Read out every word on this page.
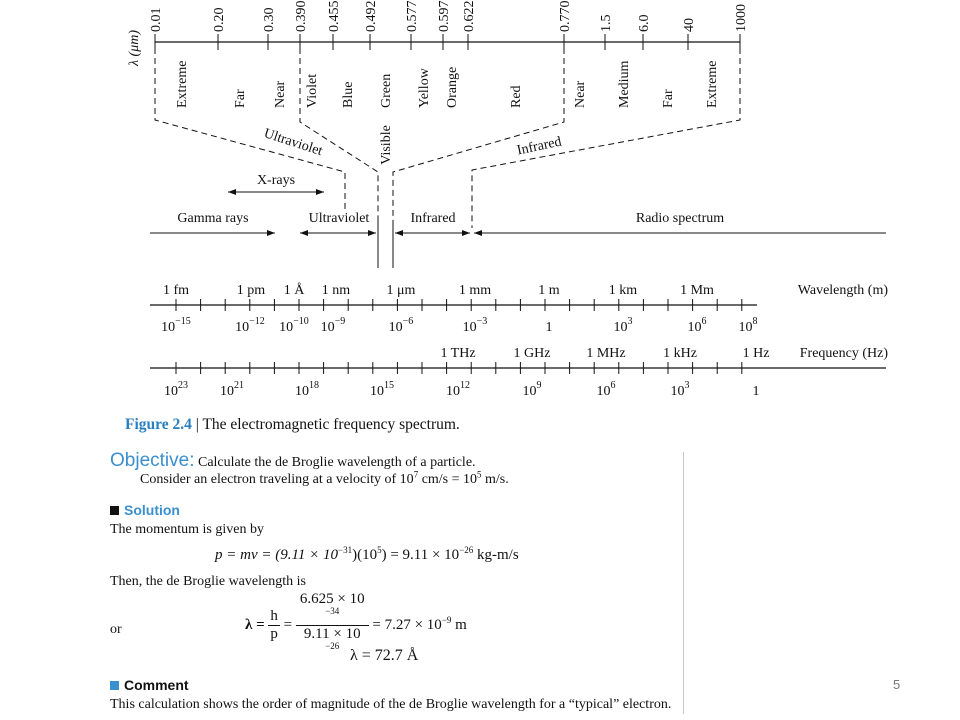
λ (μm)
0.01	0.20	0.30 0.390 0.455 0.492 0.577 0.597 0.622	0.770 1.5 6.0 40	1000
Extreme	Far Near Violet Blue Green Yellow Orange	Red	Near Medium Far Extreme
Ultraviolet	Visible	Infrared
X-rays
Gamma rays	Ultraviolet	Infrared	Radio spectrum
1 fm	1 pm 1 Å 1 nm	1 μm	1 mm	1 m	1 km	1 Mm	Wavelength (m)
$10^{-15}$	$10^{-12}$ $10^{-10}$ $10^{-9}$	$10^{-6}$	$10^{-3}$	1	$10^3$	$10^6$ $10^8$
1 THz	1 GHz	1 MHz	1 kHz	1 Hz Frequency (Hz)
$10^{23}$ $10^{21}$	$10^{18}$	$10^{15}$	$10^{12}$	$10^9$	$10^6$	$10^3$	1
Figure 2.4 | The electromagnetic frequency spectrum.
Objective: Calculate the de Broglie wavelength of a particle.
Consider an electron traveling at a velocity of $10^7$ $cm/s = 10^5$ m/s.
Solution
The momentum is given by
p = mv = $(9.11 \times 10^{-31})(10^5) = 9.11 \times 10^{-26}$ kg-m/s
Then, the de Broglie wavelength is
$\lambda = \frac{h}{p} = 6.625 \times 10$
$^{-34}$
9.11 × 10
$^{-26} = 7.27 \times 10^{-9}$ m
or
λ = 72.7 Å
Comment
This calculation shows the order of magnitude of the de Broglie wavelength for a “typical” electron.
5
